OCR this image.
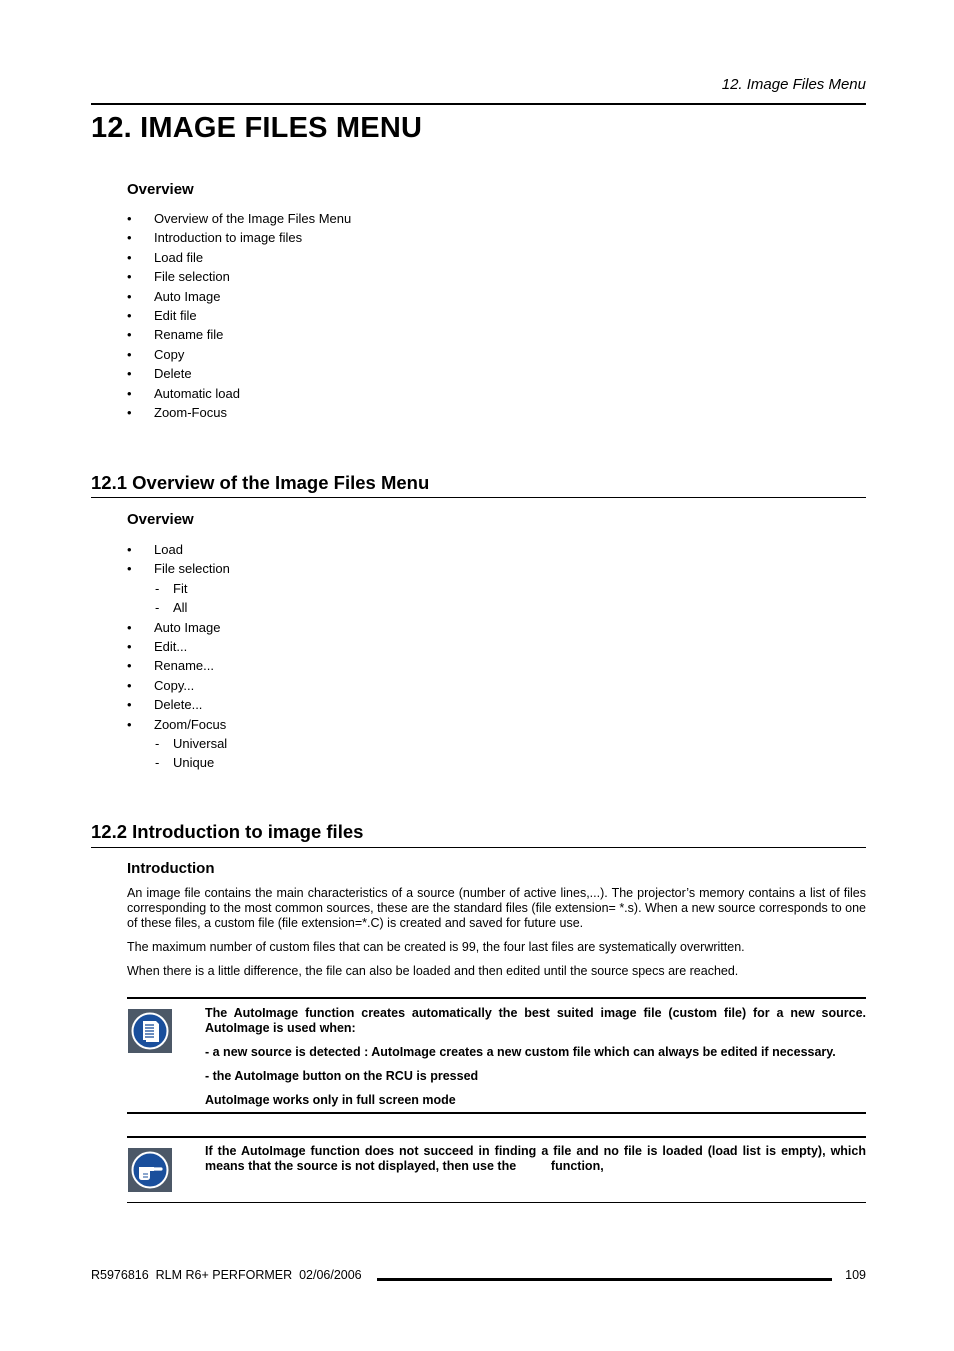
12. Image Files Menu
12. IMAGE FILES MENU
Overview
• Overview of the Image Files Menu
• Introduction to image files
• Load file
• File selection
• Auto Image
• Edit file
• Rename file
• Copy
• Delete
• Automatic load
• Zoom-Focus
12.1 Overview of the Image Files Menu
Overview
• Load
• File selection
- Fit
- All
• Auto Image
• Edit...
• Rename...
• Copy...
• Delete...
• Zoom/Focus
- Universal
- Unique
12.2 Introduction to image files
Introduction
An image file contains the main characteristics of a source (number of active lines,...). The projector’s memory contains a list of files corresponding to the most common sources, these are the standard files (file extension= *.s). When a new source corresponds to one of these files, a custom file (file extension=*.C) is created and saved for future use.
The maximum number of custom files that can be created is 99, the four last files are systematically overwritten.
When there is a little difference, the file can also be loaded and then edited until the source specs are reached.

The AutoImage function creates automatically the best suited image file (custom file) for a new source. AutoImage is used when:

- a new source is detected : AutoImage creates a new custom file which can always be edited if necessary.

- the AutoImage button on the RCU is pressed

AutoImage works only in full screen mode

If the AutoImage function does not succeed in finding a file and no file is loaded (load list is empty), which means that the source is not displayed, then use the          function,

R5976816  RLM R6+ PERFORMER  02/06/2006	109
